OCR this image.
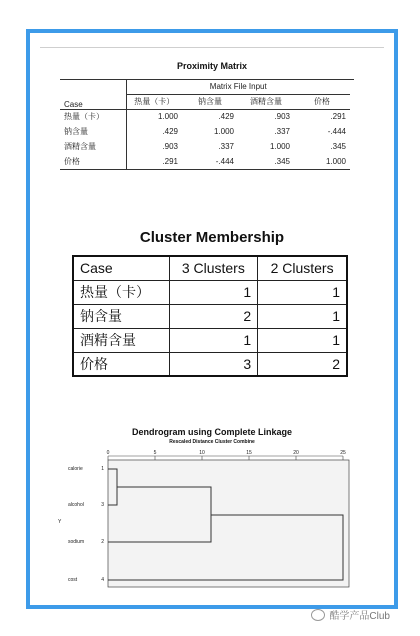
Proximity Matrix
	Matrix File Input			
Case	热量（卡）	钠含量	酒精含量	价格
热量（卡）	1.000	.429	.903	.291
钠含量	.429	1.000	.337	-.444
酒精含量	.903	.337	1.000	.345
价格	.291	-.444	.345	1.000
Cluster Membership
Case	3 Clusters	2 Clusters
热量（卡）	1	1
钠含量	2	1
酒精含量	1	1
价格	3	2
Dendrogram using Complete Linkage
Rescaled Distance Cluster Combine
0	5	10	15	20	25
calorie	1
alcohol	3
sodium	2
cost	4
Y
酷学产品Club
